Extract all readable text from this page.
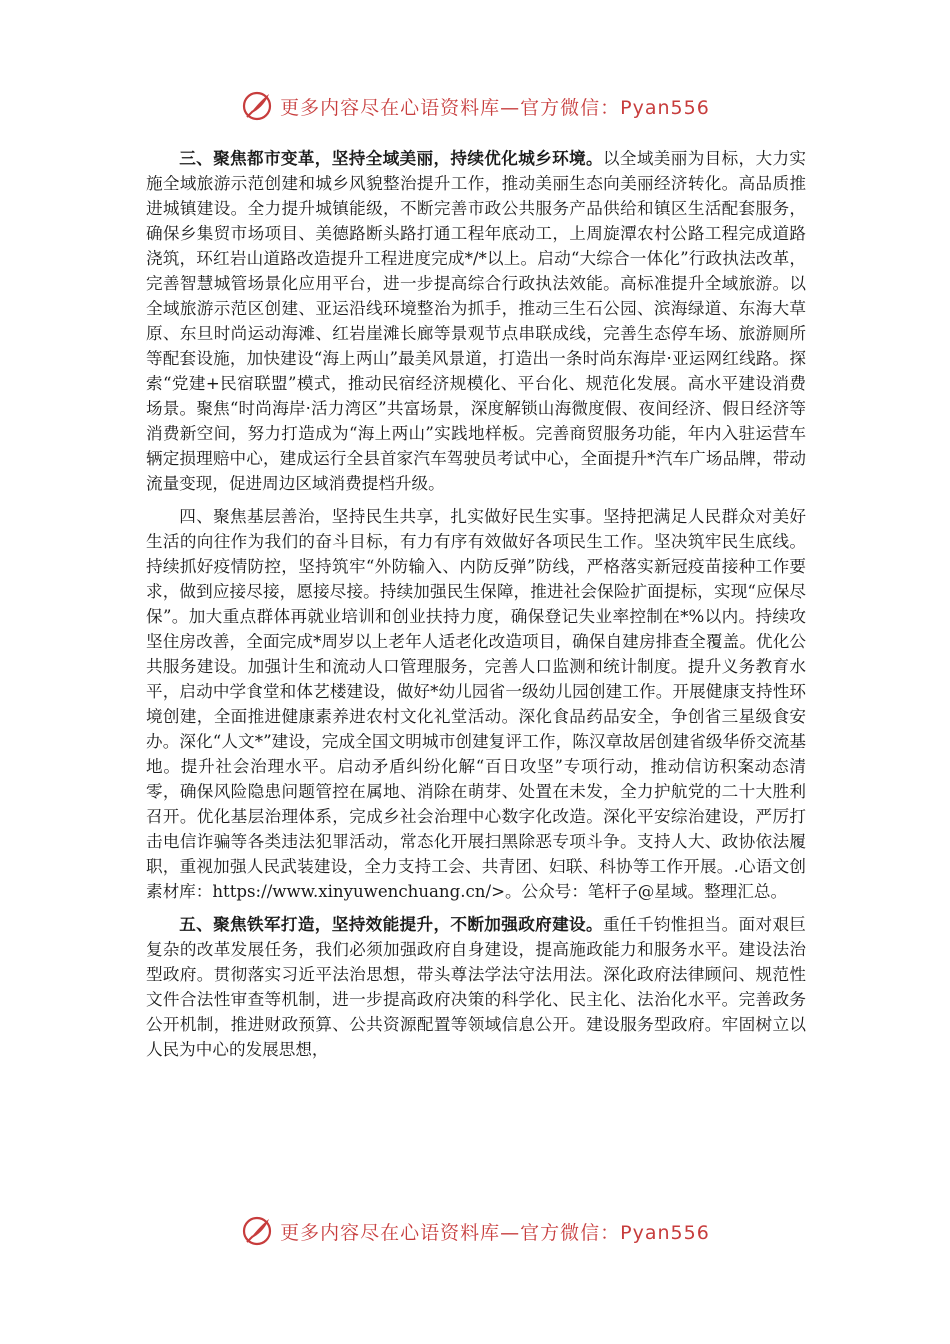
更多内容尽在心语资料库—官方微信：Pyan556

三、聚焦都市变革，坚持全域美丽，持续优化城乡环境。以全域美丽为目标，大力实施全域旅游示范创建和城乡风貌整治提升工作，推动美丽生态向美丽经济转化。高品质推进城镇建设。全力提升城镇能级，不断完善市政公共服务产品供给和镇区生活配套服务，确保乡集贸市场项目、美德路断头路打通工程年底动工，上周旋潭农村公路工程完成道路浇筑，环红岩山道路改造提升工程进度完成*/*以上。启动“大综合一体化”行政执法改革，完善智慧城管场景化应用平台，进一步提高综合行政执法效能。高标准提升全域旅游。以全域旅游示范区创建、亚运沿线环境整治为抓手，推动三生石公园、滨海绿道、东海大草原、东旦时尚运动海滩、红岩崖滩长廊等景观节点串联成线，完善生态停车场、旅游厕所等配套设施，加快建设“海上两山”最美风景道，打造出一条时尚东海岸·亚运网红线路。探索“党建+民宿联盟”模式，推动民宿经济规模化、平台化、规范化发展。高水平建设消费场景。聚焦“时尚海岸·活力湾区”共富场景，深度解锁山海微度假、夜间经济、假日经济等消费新空间，努力打造成为“海上两山”实践地样板。完善商贸服务功能，年内入驻运营车辆定损理赔中心，建成运行全县首家汽车驾驶员考试中心，全面提升*汽车广场品牌，带动流量变现，促进周边区域消费提档升级。

四、聚焦基层善治，坚持民生共享，扎实做好民生实事。坚持把满足人民群众对美好生活的向往作为我们的奋斗目标，有力有序有效做好各项民生工作。坚决筑牢民生底线。持续抓好疫情防控，坚持筑牢“外防输入、内防反弹”防线，严格落实新冠疫苗接种工作要求，做到应接尽接，愿接尽接。持续加强民生保障，推进社会保险扩面提标，实现“应保尽保”。加大重点群体再就业培训和创业扶持力度，确保登记失业率控制在*%以内。持续攻坚住房改善，全面完成*周岁以上老年人适老化改造项目，确保自建房排查全覆盖。优化公共服务建设。加强计生和流动人口管理服务，完善人口监测和统计制度。提升义务教育水平，启动中学食堂和体艺楼建设，做好*幼儿园省一级幼儿园创建工作。开展健康支持性环境创建，全面推进健康素养进农村文化礼堂活动。深化食品药品安全，争创省三星级食安办。深化“人文*”建设，完成全国文明城市创建复评工作，陈汉章故居创建省级华侨交流基地。提升社会治理水平。启动矛盾纠纷化解“百日攻坚”专项行动，推动信访积案动态清零，确保风险隐患问题管控在属地、消除在萌芽、处置在未发，全力护航党的二十大胜利召开。优化基层治理体系，完成乡社会治理中心数字化改造。深化平安综治建设，严厉打击电信诈骗等各类违法犯罪活动，常态化开展扫黑除恶专项斗争。支持人大、政协依法履职，重视加强人民武装建设，全力支持工会、共青团、妇联、科协等工作开展。.心语文创素材库：https://www.xinyuwenchuang.cn/>。公众号：笔杆子@星域。整理汇总。

五、聚焦铁军打造，坚持效能提升，不断加强政府建设。重任千钧惟担当。面对艰巨复杂的改革发展任务，我们必须加强政府自身建设，提高施政能力和服务水平。建设法治型政府。贯彻落实习近平法治思想，带头尊法学法守法用法。深化政府法律顾问、规范性文件合法性审查等机制，进一步提高政府决策的科学化、民主化、法治化水平。完善政务公开机制，推进财政预算、公共资源配置等领域信息公开。建设服务型政府。牢固树立以人民为中心的发展思想，

更多内容尽在心语资料库—官方微信：Pyan556
